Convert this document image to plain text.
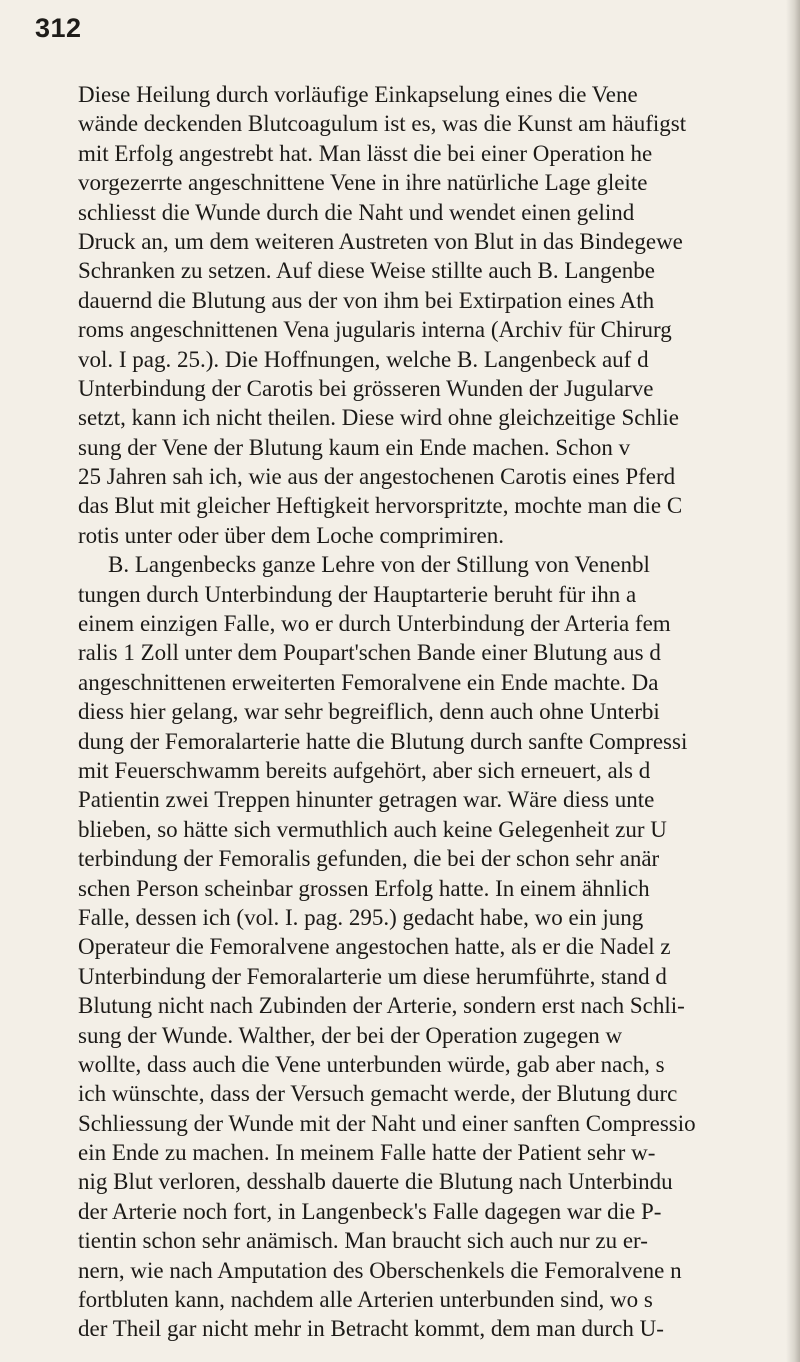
312
Diese Heilung durch vorläufige Einkapselung eines die Vene
wände deckenden Blutcoagulum ist es, was die Kunst am häufigst
mit Erfolg angestrebt hat. Man lässt die bei einer Operation he
vorgezerrte angeschnittene Vene in ihre natürliche Lage gleite
schliesst die Wunde durch die Naht und wendet einen gelind
Druck an, um dem weiteren Austreten von Blut in das Bindegewe
Schranken zu setzen. Auf diese Weise stillte auch B. Langenbe
dauernd die Blutung aus der von ihm bei Extirpation eines Ath
roms angeschnittenen Vena jugularis interna (Archiv für Chirurg
vol. I pag. 25.). Die Hoffnungen, welche B. Langenbeck auf d
Unterbindung der Carotis bei grösseren Wunden der Jugularve
setzt, kann ich nicht theilen. Diese wird ohne gleichzeitige Schlie
sung der Vene der Blutung kaum ein Ende machen. Schon v
25 Jahren sah ich, wie aus der angestochenen Carotis eines Pferd
das Blut mit gleicher Heftigkeit hervorspritzte, mochte man die C
rotis unter oder über dem Loche comprimiren.
B. Langenbecks ganze Lehre von der Stillung von Venenbl
tungen durch Unterbindung der Hauptarterie beruht für ihn a
einem einzigen Falle, wo er durch Unterbindung der Arteria fem
ralis 1 Zoll unter dem Poupart'schen Bande einer Blutung aus d
angeschnittenen erweiterten Femoralvene ein Ende machte. Da
diess hier gelang, war sehr begreiflich, denn auch ohne Unterbi
dung der Femoralarterie hatte die Blutung durch sanfte Compressi
mit Feuerschwamm bereits aufgehört, aber sich erneuert, als d
Patientin zwei Treppen hinunter getragen war. Wäre diess unte
blieben, so hätte sich vermuthlich auch keine Gelegenheit zur U
terbindung der Femoralis gefunden, die bei der schon sehr anär
schen Person scheinbar grossen Erfolg hatte. In einem ähnlich
Falle, dessen ich (vol. I. pag. 295.) gedacht habe, wo ein jung
Operateur die Femoralvene angestochen hatte, als er die Nadel z
Unterbindung der Femoralarterie um diese herumführte, stand d
Blutung nicht nach Zubinden der Arterie, sondern erst nach Schli-
sung der Wunde. Walther, der bei der Operation zugegen w
wollte, dass auch die Vene unterbunden würde, gab aber nach, s
ich wünschte, dass der Versuch gemacht werde, der Blutung durc
Schliessung der Wunde mit der Naht und einer sanften Compressio
ein Ende zu machen. In meinem Falle hatte der Patient sehr w-
nig Blut verloren, desshalb dauerte die Blutung nach Unterbindu
der Arterie noch fort, in Langenbeck's Falle dagegen war die P-
tientin schon sehr anämisch. Man braucht sich auch nur zu er-
nern, wie nach Amputation des Oberschenkels die Femoralvene n
fortbluten kann, nachdem alle Arterien unterbunden sind, wo s
der Theil gar nicht mehr in Betracht kommt, dem man durch U-
